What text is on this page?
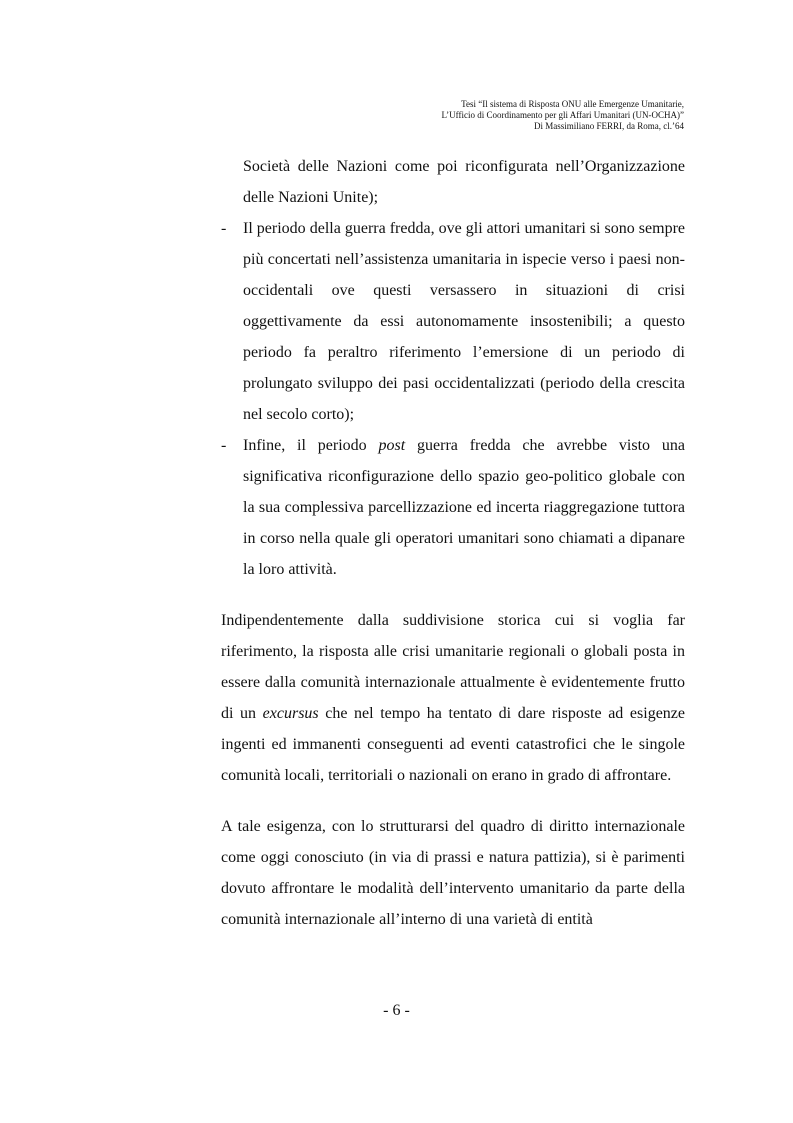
Tesi “Il sistema di Risposta ONU alle Emergenze Umanitarie,
L’Ufficio di Coordinamento per gli Affari Umanitari (UN-OCHA)”
Di Massimiliano FERRI, da Roma, cl.’64
Società delle Nazioni come poi riconfigurata nell’Organizzazione delle Nazioni Unite);
- Il periodo della guerra fredda, ove gli attori umanitari si sono sempre più concertati nell’assistenza umanitaria in ispecie verso i paesi non-occidentali ove questi versassero in situazioni di crisi oggettivamente da essi autonomamente insostenibili; a questo periodo fa peraltro riferimento l’emersione di un periodo di prolungato sviluppo dei pasi occidentalizzati (periodo della crescita nel secolo corto);
- Infine, il periodo post guerra fredda che avrebbe visto una significativa riconfigurazione dello spazio geo-politico globale con la sua complessiva parcellizzazione ed incerta riaggregazione tuttora in corso nella quale gli operatori umanitari sono chiamati a dipanare la loro attività.
Indipendentemente dalla suddivisione storica cui si voglia far riferimento, la risposta alle crisi umanitarie regionali o globali posta in essere dalla comunità internazionale attualmente è evidentemente frutto di un excursus che nel tempo ha tentato di dare risposte ad esigenze ingenti ed immanenti conseguenti ad eventi catastrofici che le singole comunità locali, territoriali o nazionali on erano in grado di affrontare.
A tale esigenza, con lo strutturarsi del quadro di diritto internazionale come oggi conosciuto (in via di prassi e natura pattizia), si è parimenti dovuto affrontare le modalità dell’intervento umanitario da parte della comunità internazionale all’interno di una varietà di entità
- 6 -
